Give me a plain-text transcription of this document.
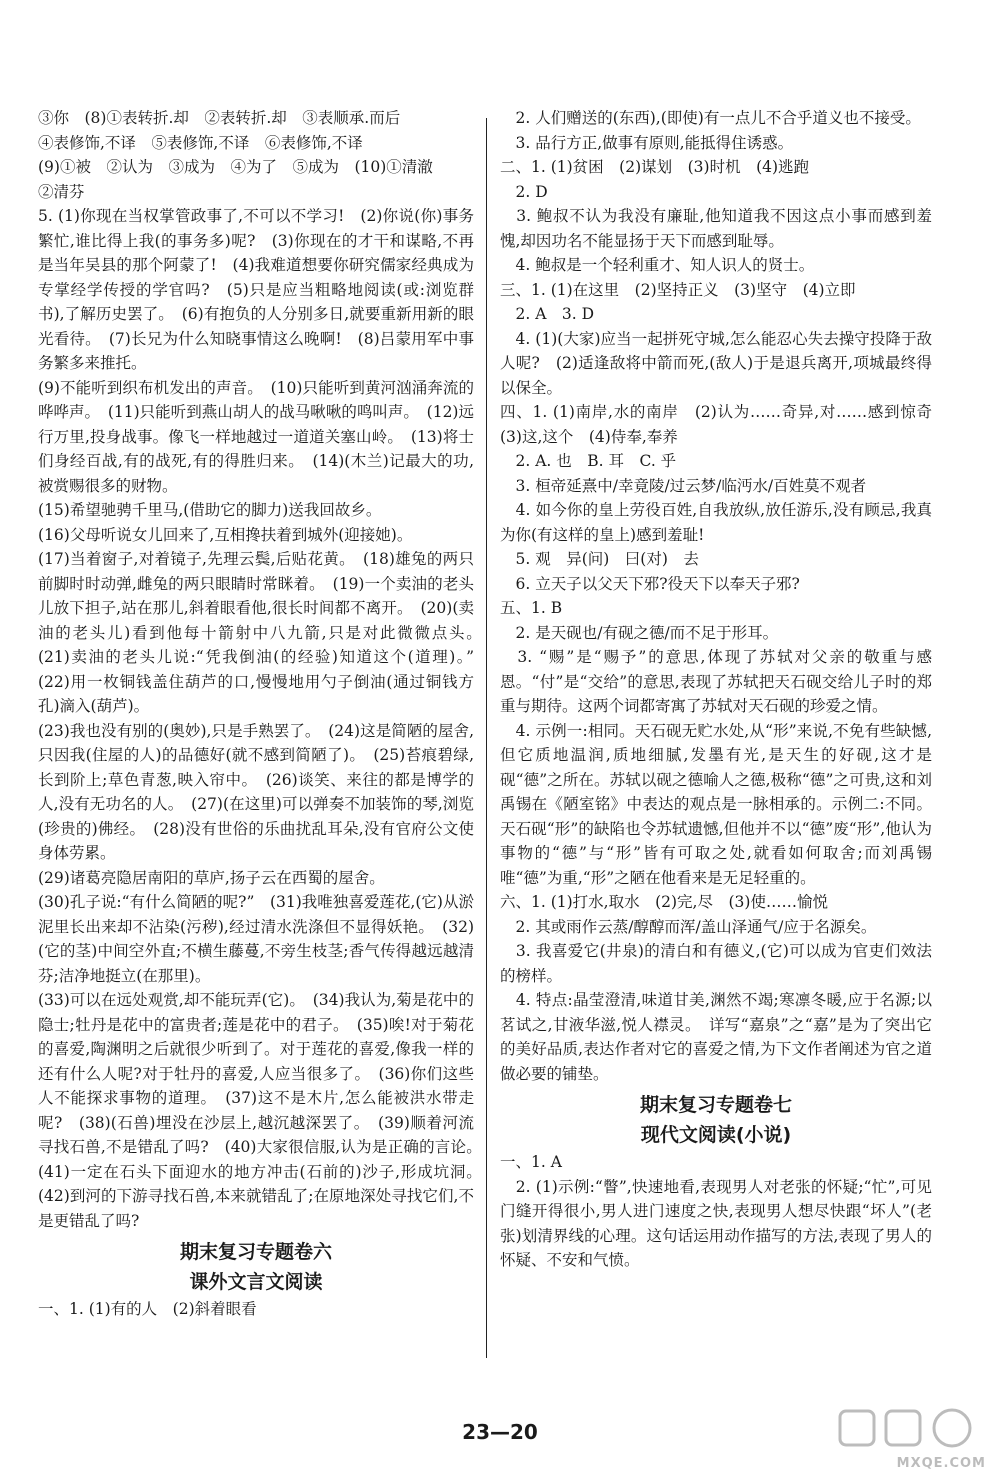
③你　(8)①表转折.却　②表转折.却　③表顺承.而后

④表修饰,不译　⑤表修饰,不译　⑥表修饰,不译

(9)①被　②认为　③成为　④为了　⑤成为　(10)①清澈

②清芬

5. (1)你现在当权掌管政事了,不可以不学习!　(2)你说(你)事务繁忙,谁比得上我(的事务多)呢?　(3)你现在的才干和谋略,不再是当年吴县的那个阿蒙了!　(4)我难道想要你研究儒家经典成为专掌经学传授的学官吗?　(5)只是应当粗略地阅读(或:浏览群书),了解历史罢了。　(6)有抱负的人分别多日,就要重新用新的眼光看待。　(7)长兄为什么知晓事情这么晚啊!　(8)吕蒙用军中事务繁多来推托。

(9)不能听到织布机发出的声音。　(10)只能听到黄河汹涌奔流的哗哗声。　(11)只能听到燕山胡人的战马啾啾的鸣叫声。　(12)远行万里,投身战事。像飞一样地越过一道道关塞山岭。　(13)将士们身经百战,有的战死,有的得胜归来。　(14)(木兰)记最大的功,被赏赐很多的财物。

(15)希望驰骋千里马,(借助它的脚力)送我回故乡。

(16)父母听说女儿回来了,互相搀扶着到城外(迎接她)。

(17)当着窗子,对着镜子,先理云鬓,后贴花黄。　(18)雄兔的两只前脚时时动弹,雌兔的两只眼睛时常眯着。　(19)一个卖油的老头儿放下担子,站在那儿,斜着眼看他,很长时间都不离开。　(20)(卖油的老头儿)看到他每十箭射中八九箭,只是对此微微点头。　(21)卖油的老头儿说:“凭我倒油(的经验)知道这个(道理)。”　(22)用一枚铜钱盖住葫芦的口,慢慢地用勺子倒油(通过铜钱方孔)滴入(葫芦)。

(23)我也没有别的(奥妙),只是手熟罢了。　(24)这是简陋的屋舍,只因我(住屋的人)的品德好(就不感到简陋了)。　(25)苔痕碧绿,长到阶上;草色青葱,映入帘中。　(26)谈笑、来往的都是博学的人,没有无功名的人。　(27)(在这里)可以弹奏不加装饰的琴,浏览(珍贵的)佛经。　(28)没有世俗的乐曲扰乱耳朵,没有官府公文使身体劳累。

(29)诸葛亮隐居南阳的草庐,扬子云在西蜀的屋舍。

(30)孔子说:“有什么简陋的呢?”　(31)我唯独喜爱莲花,(它)从淤泥里长出来却不沾染(污秽),经过清水洗涤但不显得妖艳。　(32)(它的茎)中间空外直;不横生藤蔓,不旁生枝茎;香气传得越远越清芬;洁净地挺立(在那里)。

(33)可以在远处观赏,却不能玩弄(它)。　(34)我认为,菊是花中的隐士;牡丹是花中的富贵者;莲是花中的君子。　(35)唉!对于菊花的喜爱,陶渊明之后就很少听到了。对于莲花的喜爱,像我一样的还有什么人呢?对于牡丹的喜爱,人应当很多了。　(36)你们这些人不能探求事物的道理。　(37)这不是木片,怎么能被洪水带走呢?　(38)(石兽)埋没在沙层上,越沉越深罢了。　(39)顺着河流寻找石兽,不是错乱了吗?　(40)大家很信服,认为是正确的言论。　(41)一定在石头下面迎水的地方冲击(石前的)沙子,形成坑洞。　(42)到河的下游寻找石兽,本来就错乱了;在原地深处寻找它们,不是更错乱了吗?

期末复习专题卷六

课外文言文阅读

一、1. (1)有的人　(2)斜着眼看

　2. 人们赠送的(东西),(即使)有一点儿不合乎道义也不接受。

　3. 品行方正,做事有原则,能抵得住诱惑。

二、1. (1)贫困　(2)谋划　(3)时机　(4)逃跑

　2. D

　3. 鲍叔不认为我没有廉耻,他知道我不因这点小事而感到羞愧,却因功名不能显扬于天下而感到耻辱。

　4. 鲍叔是一个轻利重才、知人识人的贤士。

三、1. (1)在这里　(2)坚持正义　(3)坚守　(4)立即

　2. A　3. D

　4. (1)(大家)应当一起拼死守城,怎么能忍心失去操守投降于敌人呢?　(2)适逢敌将中箭而死,(敌人)于是退兵离开,项城最终得以保全。

四、1. (1)南岸,水的南岸　(2)认为……奇异,对……感到惊奇　(3)这,这个　(4)侍奉,奉养

　2. A. 也　B. 耳　C. 乎

　3. 桓帝延熹中/幸竟陵/过云梦/临沔水/百姓莫不观者

　4. 如今你的皇上劳役百姓,自我放纵,放任游乐,没有顾忌,我真为你(有这样的皇上)感到羞耻!

　5. 观　异(问)　曰(对)　去

　6. 立天子以父天下邪?役天下以奉天子邪?

五、1. B

　2. 是天砚也/有砚之德/而不足于形耳。

　3. “赐”是“赐予”的意思,体现了苏轼对父亲的敬重与感恩。“付”是“交给”的意思,表现了苏轼把天石砚交给儿子时的郑重与期待。这两个词都寄寓了苏轼对天石砚的珍爱之情。

　4. 示例一:相同。天石砚无贮水处,从“形”来说,不免有些缺憾,但它质地温润,质地细腻,发墨有光,是天生的好砚,这才是砚“德”之所在。苏轼以砚之德喻人之德,极称“德”之可贵,这和刘禹锡在《陋室铭》中表达的观点是一脉相承的。示例二:不同。天石砚“形”的缺陷也令苏轼遗憾,但他并不以“德”废“形”,他认为事物的“德”与“形”皆有可取之处,就看如何取舍;而刘禹锡唯“德”为重,“形”之陋在他看来是无足轻重的。

六、1. (1)打水,取水　(2)完,尽　(3)使……愉悦

　2. 其或雨作云蒸/醇醇而浑/盖山泽通气/应于名源矣。

　3. 我喜爱它(井泉)的清白和有德义,(它)可以成为官吏们效法的榜样。

　4. 特点:晶莹澄清,味道甘美,渊然不竭;寒凛冬暖,应于名源;以茗试之,甘液华滋,悦人襟灵。　详写“嘉泉”之“嘉”是为了突出它的美好品质,表达作者对它的喜爱之情,为下文作者阐述为官之道做必要的铺垫。

期末复习专题卷七

现代文阅读(小说)

一、1. A

　2. (1)示例:“瞥”,快速地看,表现男人对老张的怀疑;“忙”,可见门缝开得很小,男人进门速度之快,表现男人想尽快跟“坏人”(老张)划清界线的心理。这句话运用动作描写的方法,表现了男人的怀疑、不安和气愤。

23—20
MXQE.COM
